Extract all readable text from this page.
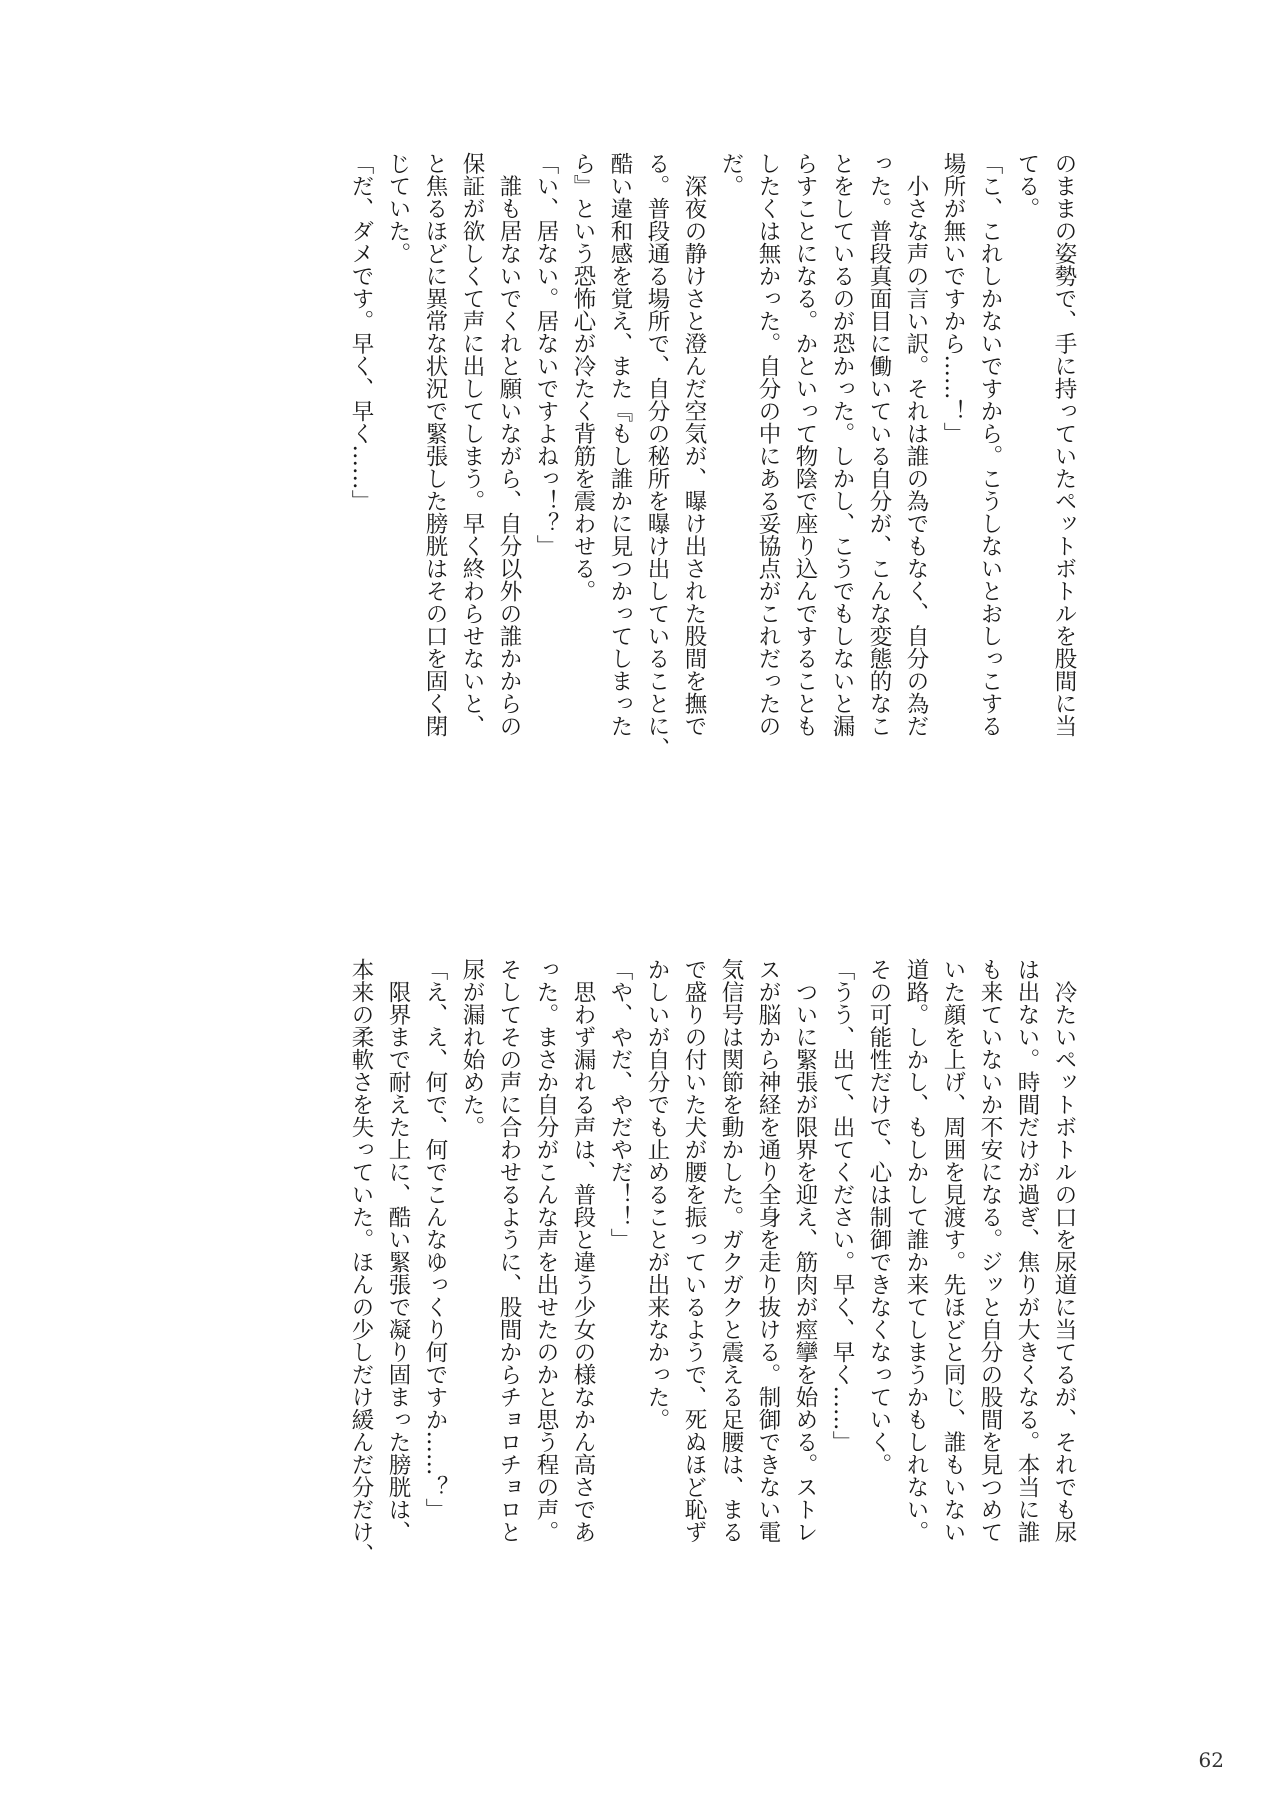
のままの姿勢で、手に持っていたペットボトルを股間に当
てる。
「こ、これしかないですから。こうしないとおしっこする
場所が無いですから……！」
　小さな声の言い訳。それは誰の為でもなく、自分の為だ
った。普段真面目に働いている自分が、こんな変態的なこ
とをしているのが恐かった。しかし、こうでもしないと漏
らすことになる。かといって物陰で座り込んですることも
したくは無かった。自分の中にある妥協点がこれだったの
だ。
　深夜の静けさと澄んだ空気が、曝け出された股間を撫で
る。普段通る場所で、自分の秘所を曝け出していることに、
酷い違和感を覚え、また『もし誰かに見つかってしまった
ら』という恐怖心が冷たく背筋を震わせる。
「い、居ない。居ないですよねっ！？」
　誰も居ないでくれと願いながら、自分以外の誰かからの
保証が欲しくて声に出してしまう。早く終わらせないと、
と焦るほどに異常な状況で緊張した膀胱はその口を固く閉
じていた。
「だ、ダメです。早く、早く……」
　冷たいペットボトルの口を尿道に当てるが、それでも尿
は出ない。時間だけが過ぎ、焦りが大きくなる。本当に誰
も来ていないか不安になる。ジッと自分の股間を見つめて
いた顔を上げ、周囲を見渡す。先ほどと同じ、誰もいない
道路。しかし、もしかして誰か来てしまうかもしれない。
その可能性だけで、心は制御できなくなっていく。
「うう、出て、出てください。早く、早く……」
　ついに緊張が限界を迎え、筋肉が痙攣を始める。ストレ
スが脳から神経を通り全身を走り抜ける。制御できない電
気信号は関節を動かした。ガクガクと震える足腰は、まる
で盛りの付いた犬が腰を振っているようで、死ぬほど恥ず
かしいが自分でも止めることが出来なかった。
「や、やだ、やだやだ！！」
　思わず漏れる声は、普段と違う少女の様なかん高さであ
った。まさか自分がこんな声を出せたのかと思う程の声。
そしてその声に合わせるように、股間からチョロチョロと
尿が漏れ始めた。
「え、え、何で、何でこんなゆっくり何ですか……？」
　限界まで耐えた上に、酷い緊張で凝り固まった膀胱は、
本来の柔軟さを失っていた。ほんの少しだけ緩んだ分だけ、
62
